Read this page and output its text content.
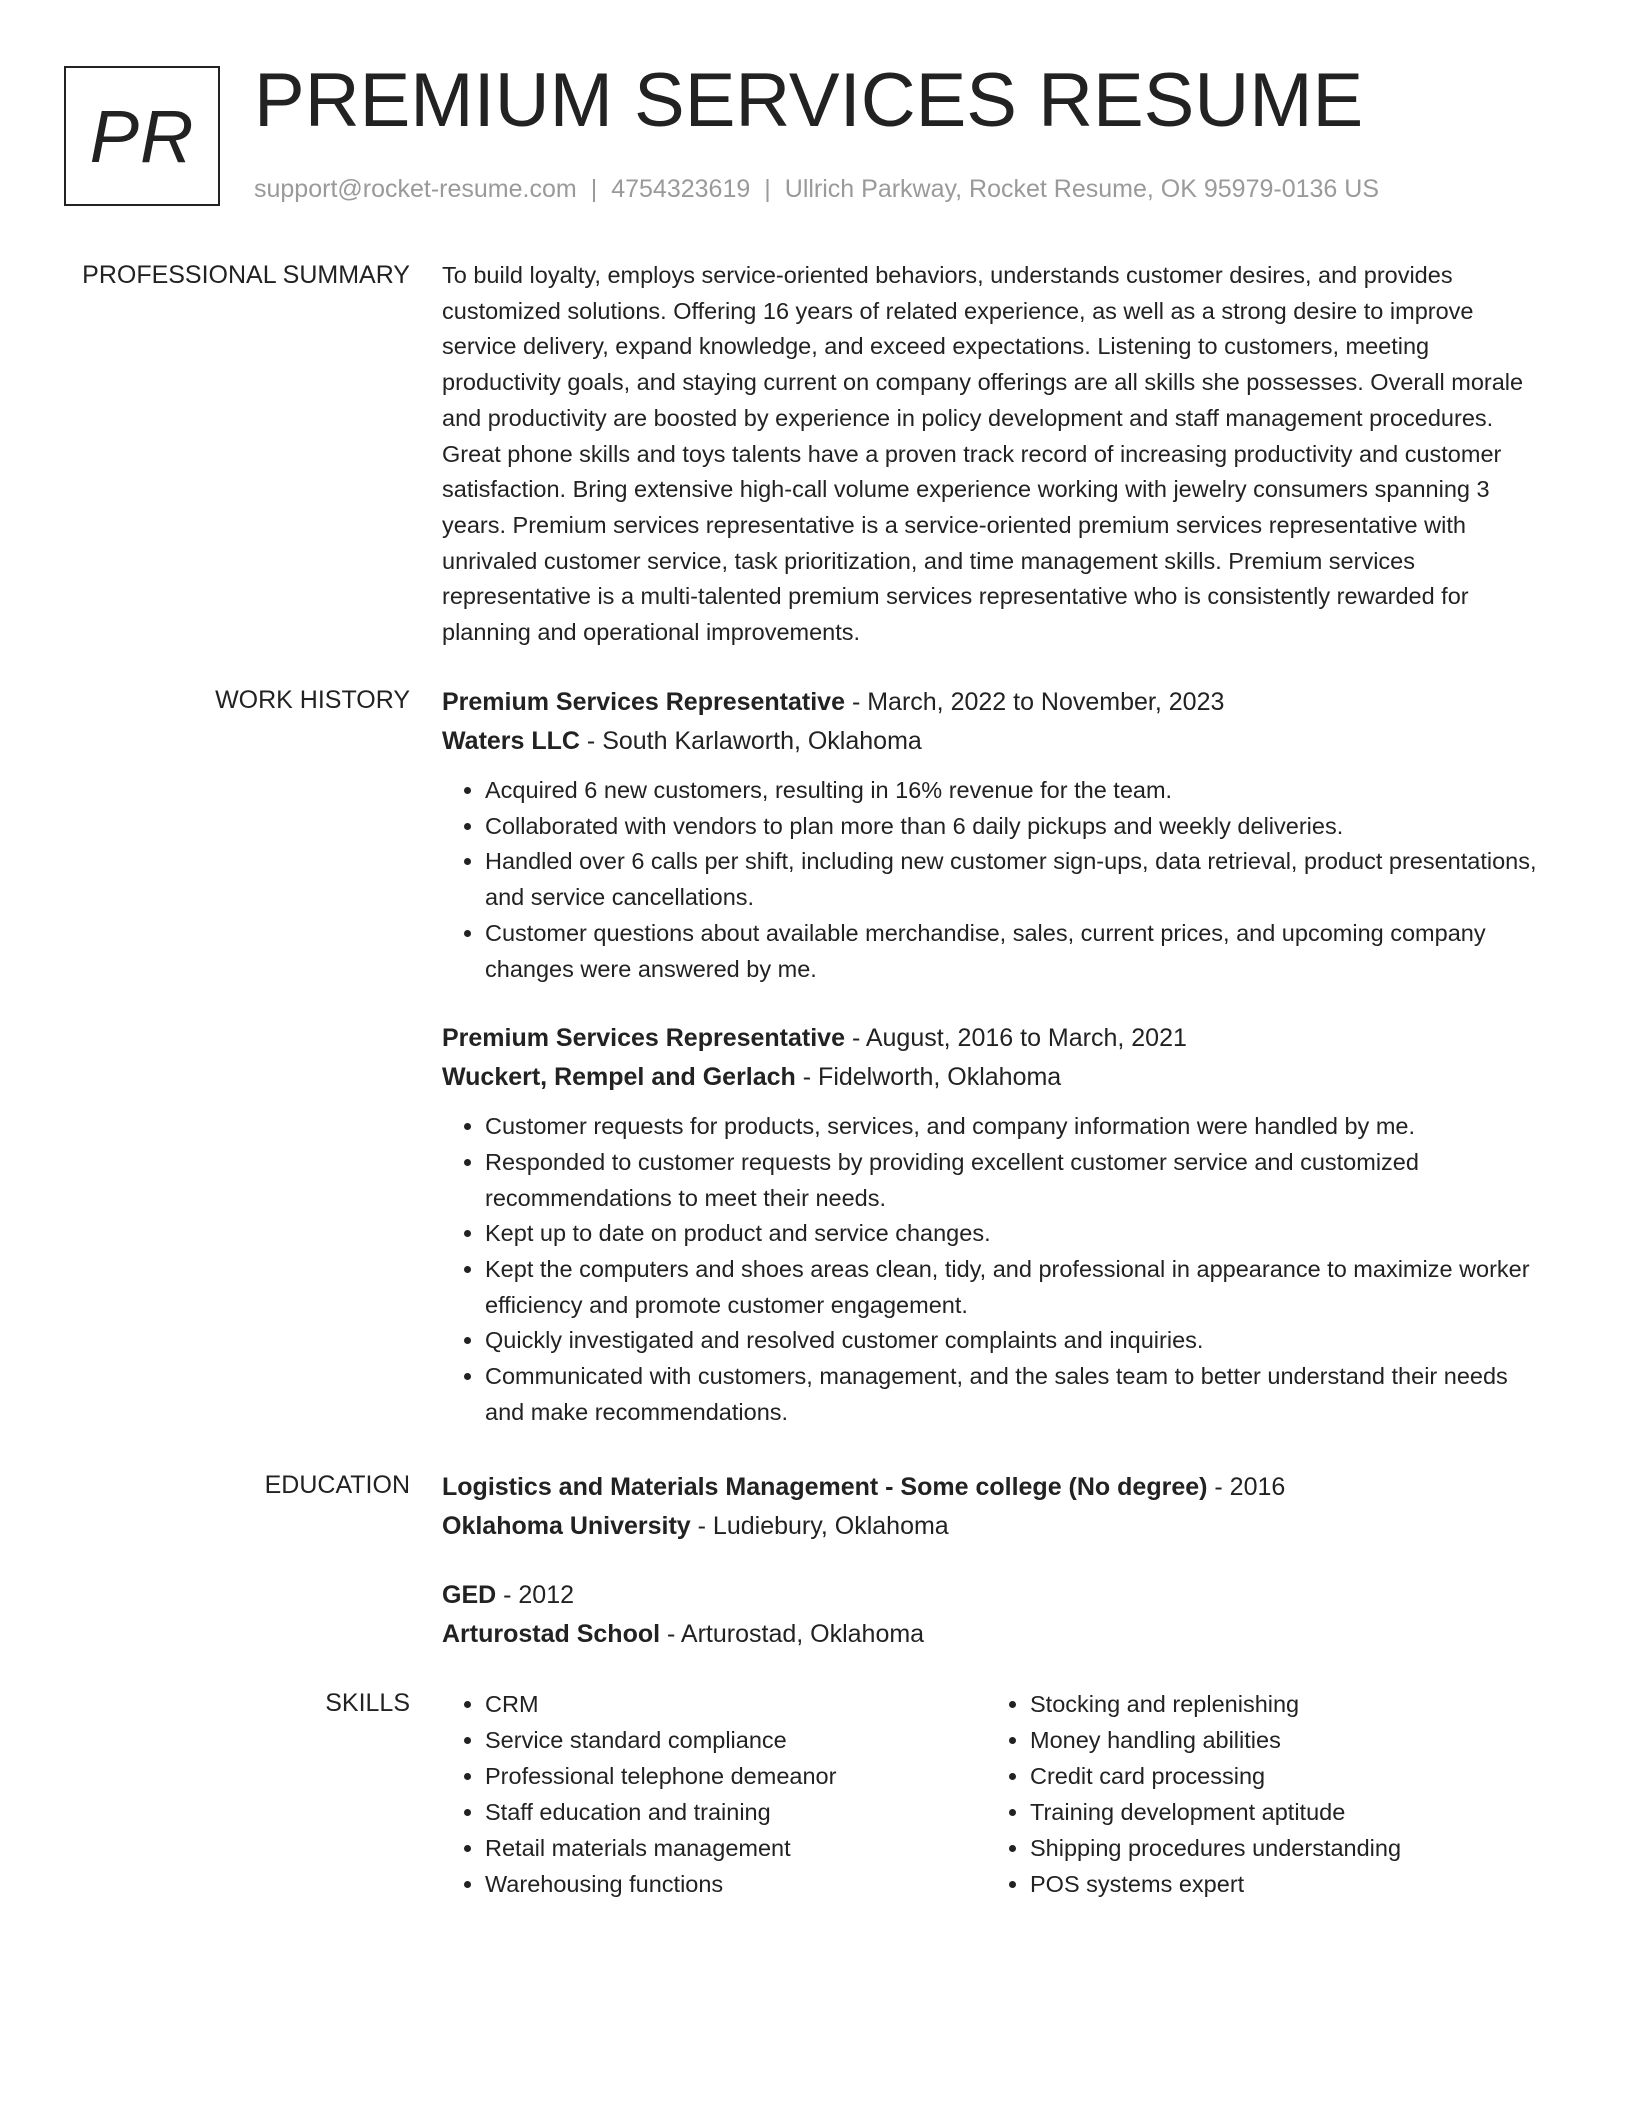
PR PREMIUM SERVICES RESUME
support@rocket-resume.com | 4754323619 | Ullrich Parkway, Rocket Resume, OK 95979-0136 US
PROFESSIONAL SUMMARY To build loyalty, employs service-oriented behaviors, understands customer desires, and provides customized solutions. Offering 16 years of related experience, as well as a strong desire to improve service delivery, expand knowledge, and exceed expectations. Listening to customers, meeting productivity goals, and staying current on company offerings are all skills she possesses. Overall morale and productivity are boosted by experience in policy development and staff management procedures. Great phone skills and toys talents have a proven track record of increasing productivity and customer satisfaction. Bring extensive high-call volume experience working with jewelry consumers spanning 3 years. Premium services representative is a service-oriented premium services representative with unrivaled customer service, task prioritization, and time management skills. Premium services representative is a multi-talented premium services representative who is consistently rewarded for planning and operational improvements.

WORK HISTORY Premium Services Representative - March, 2022 to November, 2023
Waters LLC - South Karlaworth, Oklahoma
• Acquired 6 new customers, resulting in 16% revenue for the team.
• Collaborated with vendors to plan more than 6 daily pickups and weekly deliveries.
• Handled over 6 calls per shift, including new customer sign-ups, data retrieval, product presentations, and service cancellations.
• Customer questions about available merchandise, sales, current prices, and upcoming company changes were answered by me.
Premium Services Representative - August, 2016 to March, 2021
Wuckert, Rempel and Gerlach - Fidelworth, Oklahoma
• Customer requests for products, services, and company information were handled by me.
• Responded to customer requests by providing excellent customer service and customized recommendations to meet their needs.
• Kept up to date on product and service changes.
• Kept the computers and shoes areas clean, tidy, and professional in appearance to maximize worker efficiency and promote customer engagement.
• Quickly investigated and resolved customer complaints and inquiries.
• Communicated with customers, management, and the sales team to better understand their needs and make recommendations.
EDUCATION Logistics and Materials Management - Some college (No degree) - 2016
Oklahoma University - Ludiebury, Oklahoma
GED - 2012
Arturostad School - Arturostad, Oklahoma
SKILLS
•	CRM
• Service standard compliance
• Professional telephone demeanor
• Staff education and training
• Retail materials management
• Warehousing functions
• Stocking and replenishing
• Money handling abilities
• Credit card processing
• Training development aptitude
• Shipping procedures understanding
• POS systems expert
